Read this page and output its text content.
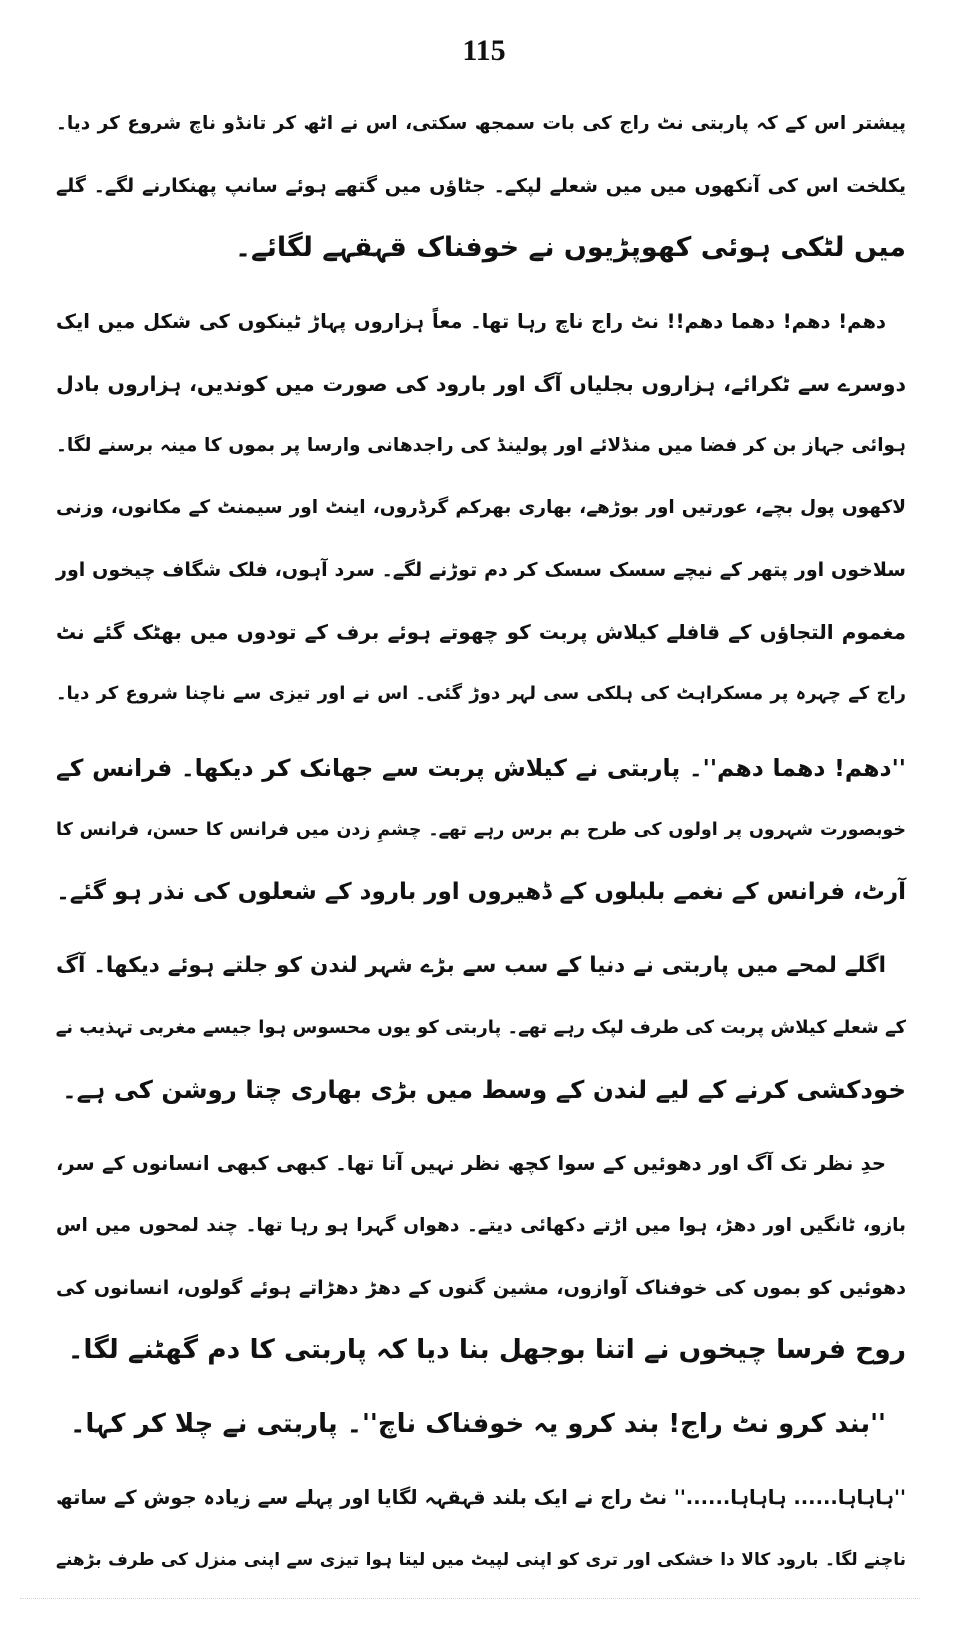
115
پیشتر اس کے کہ پاربتی نٹ راج کی بات سمجھ سکتی، اس نے اٹھ کر تانڈو ناچ شروع کر دیا۔
یکلخت اس کی آنکھوں میں میں شعلے لپکے۔ جٹاؤں میں گتھے ہوئے سانپ پھنکارنے لگے۔ گلے
میں لٹکی ہوئی کھوپڑیوں نے خوفناک قہقہے لگائے۔
دھم! دھم! دھما دھم!! نٹ راج ناچ رہا تھا۔ معاً ہزاروں پہاڑ ٹینکوں کی شکل میں ایک
دوسرے سے ٹکرائے، ہزاروں بجلیاں آگ اور بارود کی صورت میں کوندیں، ہزاروں بادل
ہوائی جہاز بن کر فضا میں منڈلائے اور پولینڈ کی راجدھانی وارسا پر بموں کا مینہ برسنے لگا۔
لاکھوں پول بچے، عورتیں اور بوڑھے، بھاری بھرکم گرڈروں، اینٹ اور سیمنٹ کے مکانوں، وزنی
سلاخوں اور پتھر کے نیچے سسک سسک کر دم توڑنے لگے۔ سرد آہوں، فلک شگاف چیخوں اور
مغموم التجاؤں کے قافلے کیلاش پربت کو چھوتے ہوئے برف کے تودوں میں بھٹک گئے نٹ
راج کے چہرہ پر مسکراہٹ کی ہلکی سی لہر دوڑ گئی۔ اس نے اور تیزی سے ناچنا شروع کر دیا۔
''دھم! دھما دھم''۔ پاربتی نے کیلاش پربت سے جھانک کر دیکھا۔ فرانس کے
خوبصورت شہروں پر اولوں کی طرح بم برس رہے تھے۔ چشمِ زدن میں فرانس کا حسن، فرانس کا
آرٹ، فرانس کے نغمے بلبلوں کے ڈھیروں اور بارود کے شعلوں کی نذر ہو گئے۔
اگلے لمحے میں پاربتی نے دنیا کے سب سے بڑے شہر لندن کو جلتے ہوئے دیکھا۔ آگ
کے شعلے کیلاش پربت کی طرف لپک رہے تھے۔ پاربتی کو یوں محسوس ہوا جیسے مغربی تہذیب نے
خودکشی کرنے کے لیے لندن کے وسط میں بڑی بھاری چتا روشن کی ہے۔
حدِ نظر تک آگ اور دھوئیں کے سوا کچھ نظر نہیں آتا تھا۔ کبھی کبھی انسانوں کے سر،
بازو، ٹانگیں اور دھڑ، ہوا میں اڑتے دکھائی دیتے۔ دھواں گہرا ہو رہا تھا۔ چند لمحوں میں اس
دھوئیں کو بموں کی خوفناک آوازوں، مشین گنوں کے دھڑ دھڑاتے ہوئے گولوں، انسانوں کی
روح فرسا چیخوں نے اتنا بوجھل بنا دیا کہ پاربتی کا دم گھٹنے لگا۔
''بند کرو نٹ راج! بند کرو یہ خوفناک ناچ''۔ پاربتی نے چلا کر کہا۔
''ہاہاہا...... ہاہاہا......'' نٹ راج نے ایک بلند قہقہہ لگایا اور پہلے سے زیادہ جوش کے ساتھ
ناچنے لگا۔ بارود کالا دا خشکی اور تری کو اپنی لپیٹ میں لیتا ہوا تیزی سے اپنی منزل کی طرف بڑھنے
